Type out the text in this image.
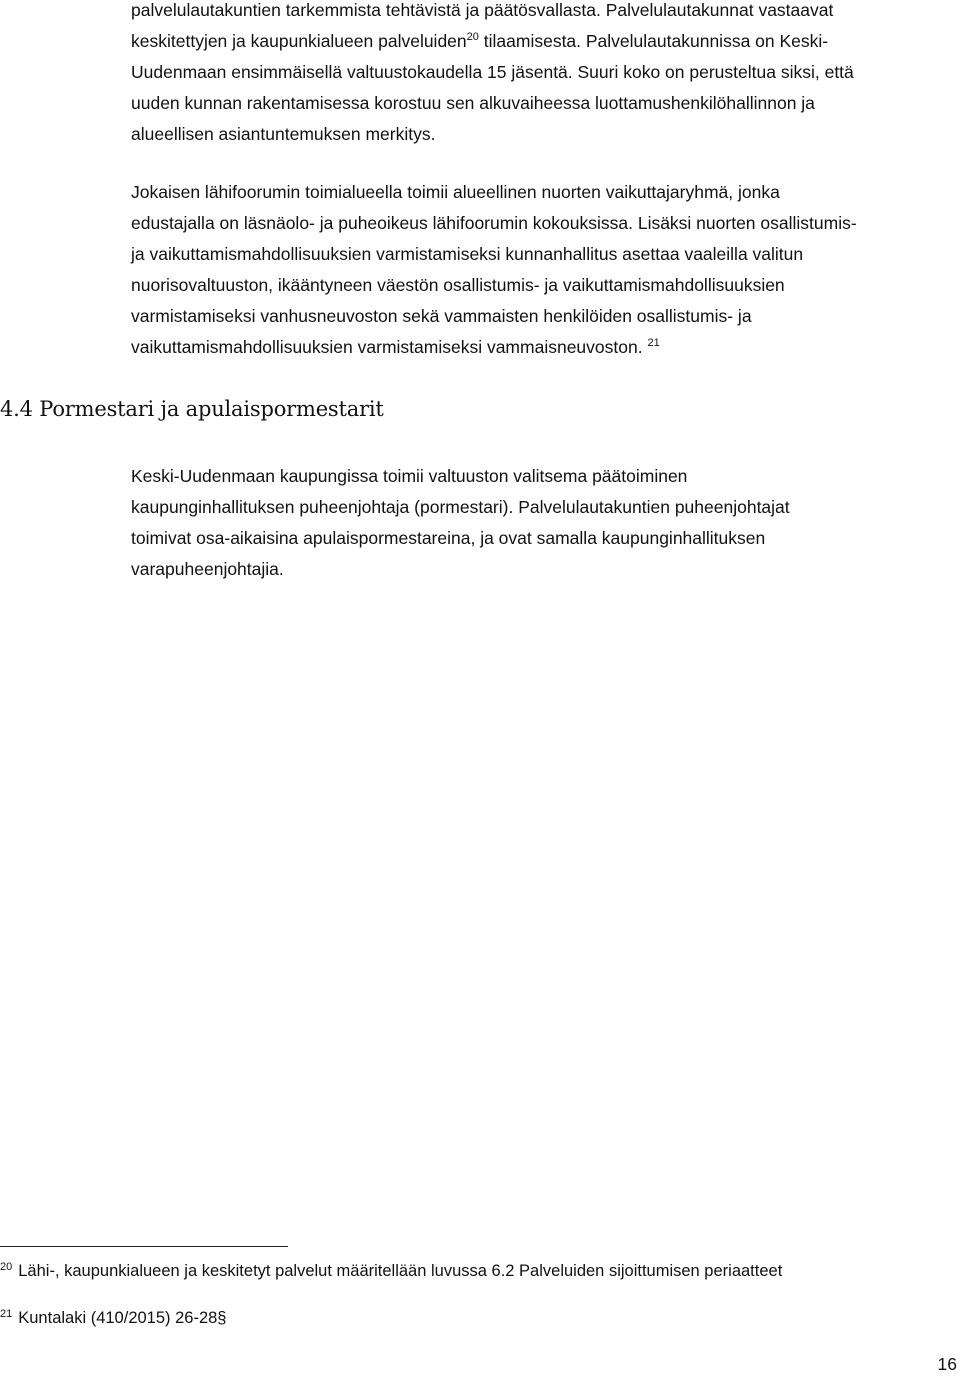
palvelulautakuntien tarkemmista tehtävistä ja päätösvallasta. Palvelulautakunnat vastaavat
keskitettyjen ja kaupunkialueen palveluiden$^{20}$ tilaamisesta. Palvelulautakunnissa on Keski-
Uudenmaan ensimmäisellä valtuustokaudella 15 jäsentä. Suuri koko on perusteltua siksi, että
uuden kunnan rakentamisessa korostuu sen alkuvaiheessa luottamushenkilöhallinnon ja
alueellisen asiantuntemuksen merkitys.

Jokaisen lähifoorumin toimialueella toimii alueellinen nuorten vaikuttajaryhmä, jonka
edustajalla on läsnäolo- ja puheoikeus lähifoorumin kokouksissa. Lisäksi nuorten osallistumis-
ja vaikuttamismahdollisuuksien varmistamiseksi kunnanhallitus asettaa vaaleilla valitun
nuorisovaltuuston, ikääntyneen väestön osallistumis- ja vaikuttamismahdollisuuksien
varmistamiseksi vanhusneuvoston sekä vammaisten henkilöiden osallistumis- ja
vaikuttamismahdollisuuksien varmistamiseksi vammaisneuvoston. $^{21}$

4.4 Pormestari ja apulaispormestarit

Keski-Uudenmaan kaupungissa toimii valtuuston valitsema päätoiminen
kaupunginhallituksen puheenjohtaja (pormestari). Palvelulautakuntien puheenjohtajat
toimivat osa-aikaisina apulaispormestareina, ja ovat samalla kaupunginhallituksen
varapuheenjohtajia.

$^{20}$ Lähi-, kaupunkialueen ja keskitetyt palvelut määritellään luvussa 6.2 Palveluiden sijoittumisen periaatteet

$^{21}$ Kuntalaki (410/2015) 26-28§

16
